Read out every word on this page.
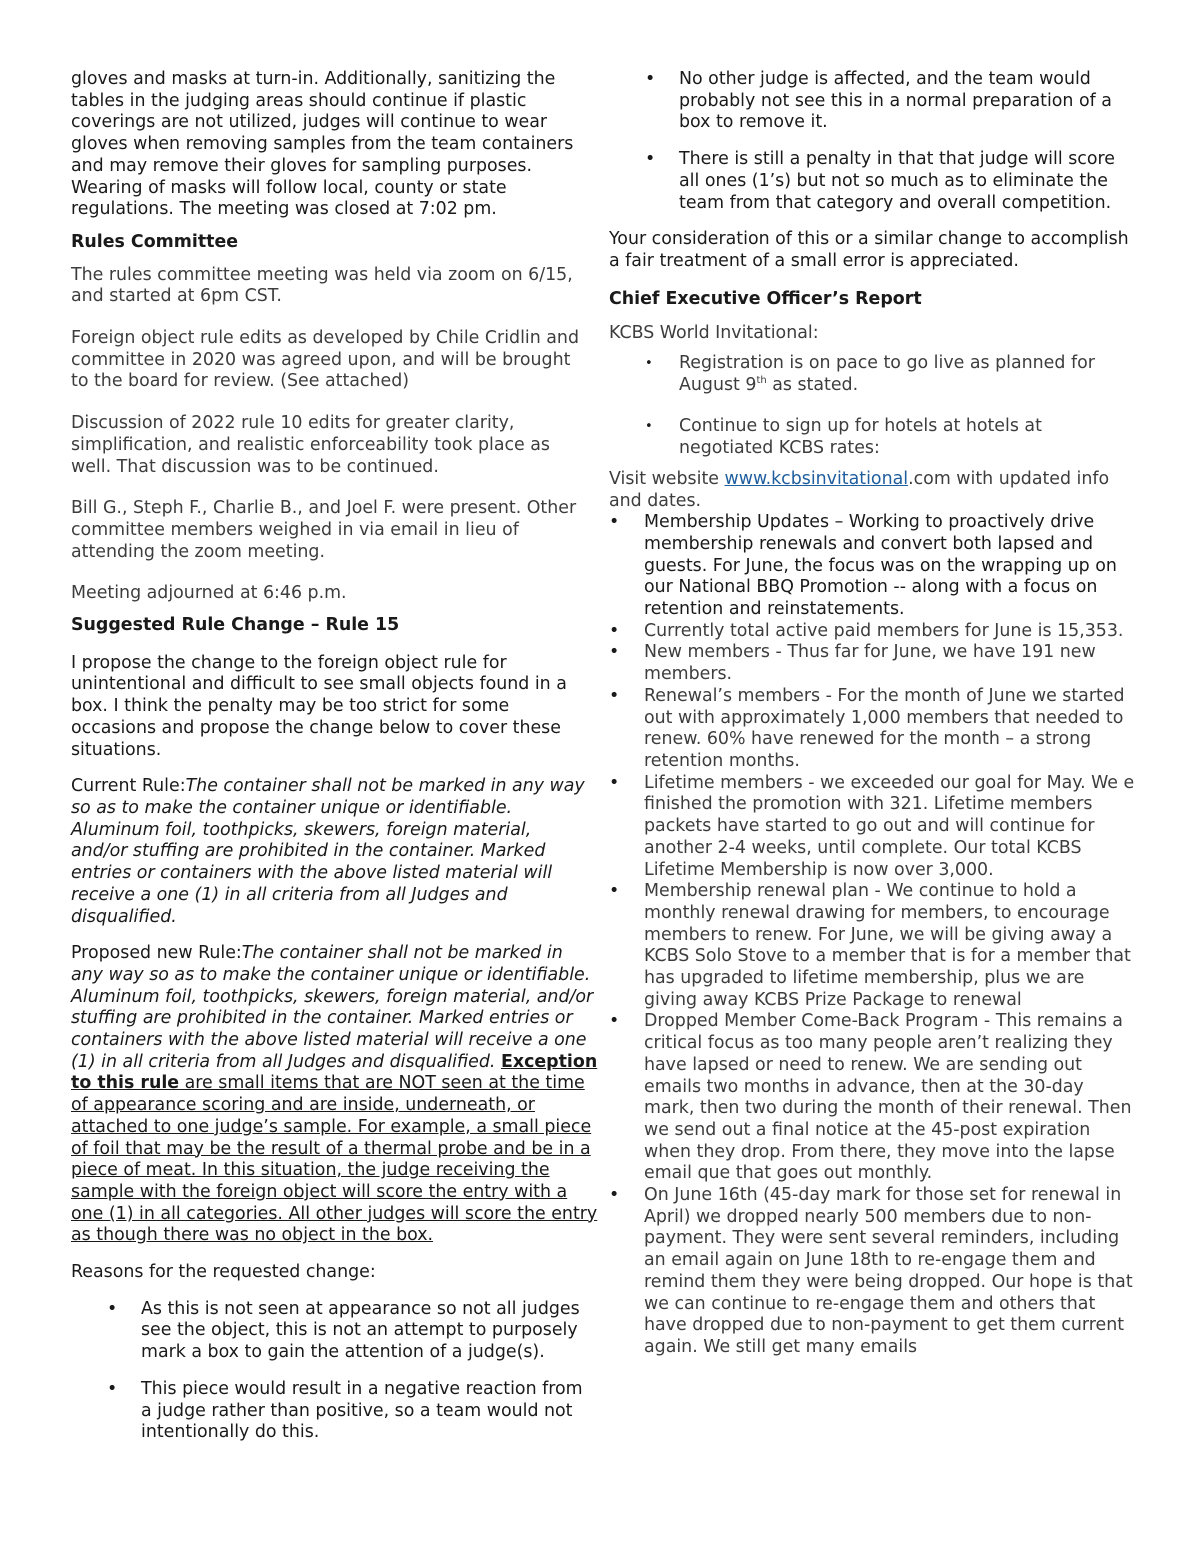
gloves and masks at turn-in. Additionally, sanitizing the tables in the judging areas should continue if plastic coverings are not utilized, judges will continue to wear gloves when removing samples from the team containers and may remove their gloves for sampling purposes. Wearing of masks will follow local, county or state regulations. The meeting was closed at 7:02 pm.

Rules Committee

The rules committee meeting was held via zoom on 6/15, and started at 6pm CST.

Foreign object rule edits as developed by Chile Cridlin and committee in 2020 was agreed upon, and will be brought to the board for review. (See attached)

Discussion of 2022 rule 10 edits for greater clarity, simplification, and realistic enforceability took place as well. That discussion was to be continued.

Bill G., Steph F., Charlie B., and Joel F. were present. Other committee members weighed in via email in lieu of attending the zoom meeting.

Meeting adjourned at 6:46 p.m.

Suggested Rule Change – Rule 15

I propose the change to the foreign object rule for unintentional and difficult to see small objects found in a box. I think the penalty may be too strict for some occasions and propose the change below to cover these situations.

Current Rule:The container shall not be marked in any way so as to make the container unique or identifiable. Aluminum foil, toothpicks, skewers, foreign material, and/or stuffing are prohibited in the container. Marked entries or containers with the above listed material will receive a one (1) in all criteria from all Judges and disqualified.

Proposed new Rule:The container shall not be marked in any way so as to make the container unique or identifiable. Aluminum foil, toothpicks, skewers, foreign material, and/or stuffing are prohibited in the container. Marked entries or containers with the above listed material will receive a one (1) in all criteria from all Judges and disqualified. Exception to this rule are small items that are NOT seen at the time of appearance scoring and are inside, underneath, or attached to one judge’s sample. For example, a small piece of foil that may be the result of a thermal probe and be in a piece of meat. In this situation, the judge receiving the sample with the foreign object will score the entry with a one (1) in all categories. All other judges will score the entry as though there was no object in the box.

Reasons for the requested change:

• As this is not seen at appearance so not all judges see the object, this is not an attempt to purposely mark a box to gain the attention of a judge(s).

• This piece would result in a negative reaction from a judge rather than positive, so a team would not intentionally do this.

• No other judge is affected, and the team would probably not see this in a normal preparation of a box to remove it.

• There is still a penalty in that that judge will score all ones (1’s) but not so much as to eliminate the team from that category and overall competition.

Your consideration of this or a similar change to accomplish a fair treatment of a small error is appreciated.

Chief Executive Officer’s Report

KCBS World Invitational:

• Registration is on pace to go live as planned for August 9th as stated.

• Continue to sign up for hotels at hotels at negotiated KCBS rates:

Visit website www.kcbsinvitational.com with updated info and dates.

• Membership Updates – Working to proactively drive membership renewals and convert both lapsed and guests. For June, the focus was on the wrapping up on our National BBQ Promotion -- along with a focus on retention and reinstatements.

• Currently total active paid members for June is 15,353.

• New members - Thus far for June, we have 191 new members.

• Renewal’s members - For the month of June we started out with approximately 1,000 members that needed to renew. 60% have renewed for the month – a strong retention months.

• Lifetime members - we exceeded our goal for May. We e finished the promotion with 321. Lifetime members packets have started to go out and will continue for another 2-4 weeks, until complete. Our total KCBS Lifetime Membership is now over 3,000.

• Membership renewal plan - We continue to hold a monthly renewal drawing for members, to encourage members to renew. For June, we will be giving away a KCBS Solo Stove to a member that is for a member that has upgraded to lifetime membership, plus we are giving away KCBS Prize Package to renewal

• Dropped Member Come-Back Program - This remains a critical focus as too many people aren’t realizing they have lapsed or need to renew. We are sending out emails two months in advance, then at the 30-day mark, then two during the month of their renewal. Then we send out a final notice at the 45-post expiration when they drop. From there, they move into the lapse email que that goes out monthly.

• On June 16th (45-day mark for those set for renewal in April) we dropped nearly 500 members due to non-payment. They were sent several reminders, including an email again on June 18th to re-engage them and remind them they were being dropped. Our hope is that we can continue to re-engage them and others that have dropped due to non-payment to get them current again. We still get many emails
